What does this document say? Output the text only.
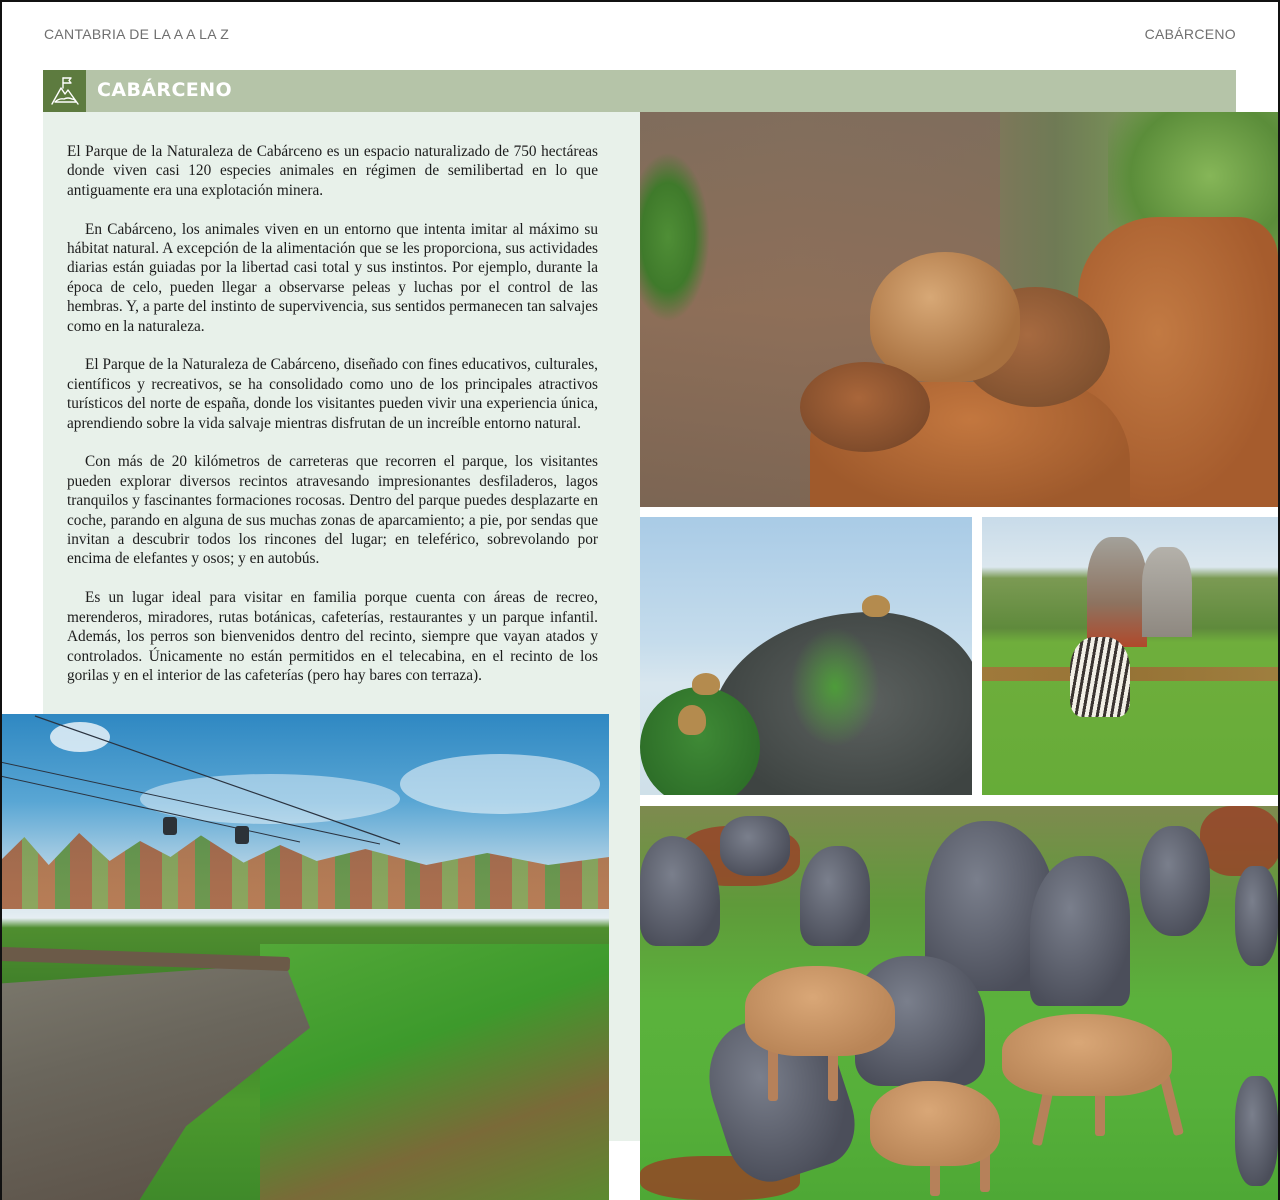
CANTABRIA DE LA A A LA Z	CABÁRCENO
CABÁRCENO

El Parque de la Naturaleza de Cabárceno es un espacio naturalizado de 750 hectáreas donde viven casi 120 especies animales en régimen de semilibertad en lo que antiguamente era una explotación minera.

En Cabárceno, los animales viven en un entorno que intenta imitar al máximo su hábitat natural. A excepción de la alimentación que se les proporciona, sus actividades diarias están guiadas por la libertad casi total y sus instintos. Por ejemplo, durante la época de celo, pueden llegar a observarse peleas y luchas por el control de las hembras. Y, a parte del instinto de supervivencia, sus sentidos permanecen tan salvajes como en la naturaleza.

El Parque de la Naturaleza de Cabárceno, diseñado con fines educativos, culturales, científicos y recreativos, se ha consolidado como uno de los principales atractivos turísticos del norte de españa, donde los visitantes pueden vivir una experiencia única, aprendiendo sobre la vida salvaje mientras disfrutan de un increíble entorno natural.

Con más de 20 kilómetros de carreteras que recorren el parque, los visitantes pueden explorar diversos recintos atravesando impresionantes desfiladeros, lagos tranquilos y fascinantes formaciones rocosas. Dentro del parque puedes desplazarte en coche, parando en alguna de sus muchas zonas de aparcamiento; a pie, por sendas que invitan a descubrir todos los rincones del lugar; en teleférico, sobrevolando por encima de elefantes y osos; y en autobús.

Es un lugar ideal para visitar en familia porque cuenta con áreas de recreo, merenderos, miradores, rutas botánicas, cafeterías, restaurantes y un parque infantil. Además, los perros son bienvenidos dentro del recinto, siempre que vayan atados y controlados. Únicamente no están permitidos en el telecabina, en el recinto de los gorilas y en el interior de las cafeterías (pero hay bares con terraza).
